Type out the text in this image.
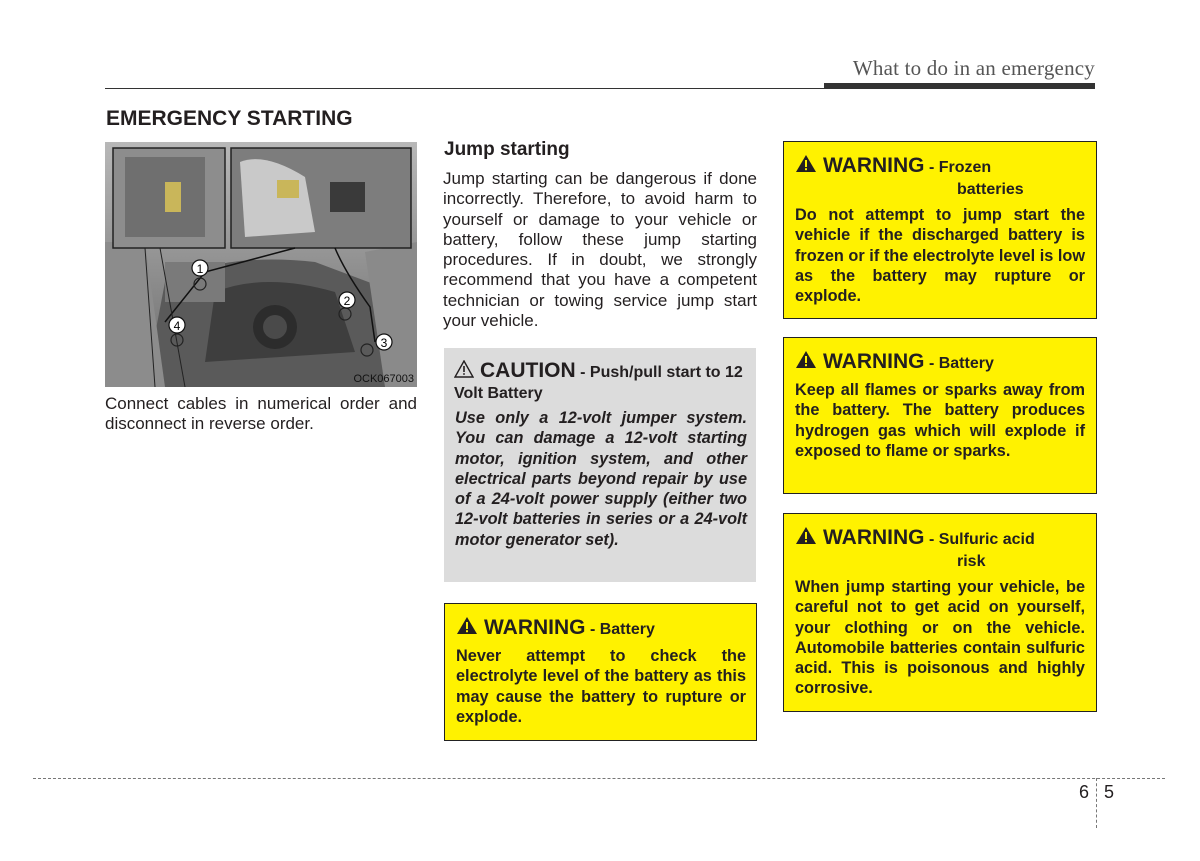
What to do in an emergency
EMERGENCY STARTING
1
2
3
4
OCK067003
Connect cables in numerical order and disconnect in reverse order.
Jump starting
Jump starting can be dangerous if done incorrectly. Therefore, to avoid harm to yourself or damage to your vehicle or battery, follow these jump starting procedures. If in doubt, we strongly recommend that you have a competent technician or towing service jump start your vehicle.
CAUTION - Push/pull start to 12 Volt Battery
Use only a 12-volt jumper system. You can damage a 12-volt starting motor, ignition system, and other electrical parts beyond repair by use of a 24-volt power supply (either two 12-volt batteries in series or a 24-volt motor generator set).
WARNING - Battery
Never attempt to check the electrolyte level of the battery as this may cause the battery to rupture or explode.
WARNING - Frozen
batteries
Do not attempt to jump start the vehicle if the discharged battery is frozen or if the electrolyte level is low as the battery may rupture or explode.
WARNING - Battery
Keep all flames or sparks away from the battery. The battery produces hydrogen gas which will explode if exposed to flame or sparks.
WARNING - Sulfuric acid
risk
When jump starting your vehicle, be careful not to get acid on yourself, your clothing or on the vehicle. Automobile batteries contain sulfuric acid. This is poisonous and highly corrosive.
6 5
